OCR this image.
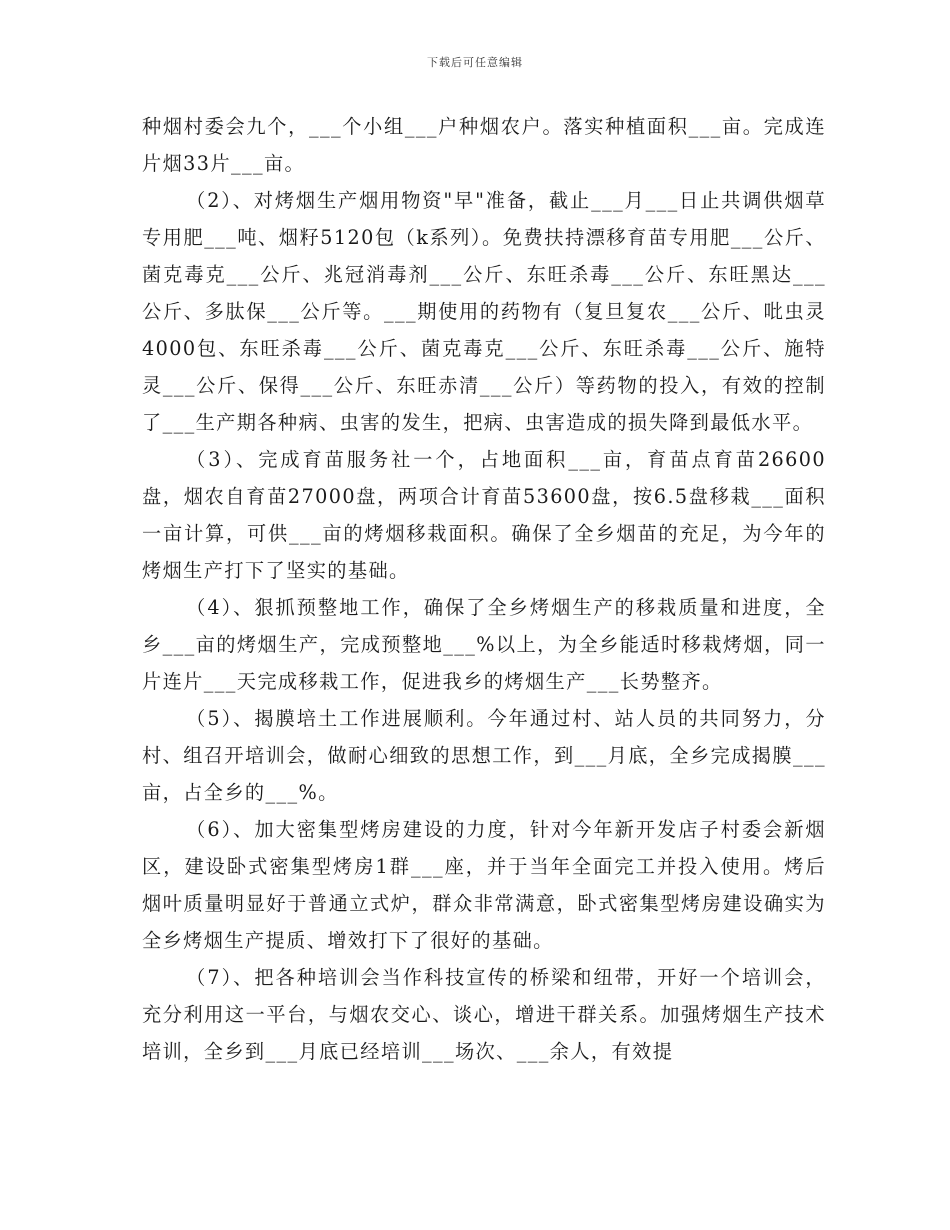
下载后可任意编辑

种烟村委会九个，___个小组___户种烟农户。落实种植面积___亩。完成连片烟33片___亩。

（2）、对烤烟生产烟用物资"早"准备，截止___月___日止共调供烟草专用肥___吨、烟籽5120包（k系列）。免费扶持漂移育苗专用肥___公斤、菌克毒克___公斤、兆冠消毒剂___公斤、东旺杀毒___公斤、东旺黑达___公斤、多肽保___公斤等。___期使用的药物有（复旦复农___公斤、吡虫灵4000包、东旺杀毒___公斤、菌克毒克___公斤、东旺杀毒___公斤、施特灵___公斤、保得___公斤、东旺赤清___公斤）等药物的投入，有效的控制了___生产期各种病、虫害的发生，把病、虫害造成的损失降到最低水平。

（3）、完成育苗服务社一个，占地面积___亩，育苗点育苗26600盘，烟农自育苗27000盘，两项合计育苗53600盘，按6.5盘移栽___面积一亩计算，可供___亩的烤烟移栽面积。确保了全乡烟苗的充足，为今年的烤烟生产打下了坚实的基础。

（4）、狠抓预整地工作，确保了全乡烤烟生产的移栽质量和进度，全乡___亩的烤烟生产，完成预整地___%以上，为全乡能适时移栽烤烟，同一片连片___天完成移栽工作，促进我乡的烤烟生产___长势整齐。

（5）、揭膜培土工作进展顺利。今年通过村、站人员的共同努力，分村、组召开培训会，做耐心细致的思想工作，到___月底，全乡完成揭膜___亩，占全乡的___%。

（6）、加大密集型烤房建设的力度，针对今年新开发店子村委会新烟区，建设卧式密集型烤房1群___座，并于当年全面完工并投入使用。烤后烟叶质量明显好于普通立式炉，群众非常满意，卧式密集型烤房建设确实为全乡烤烟生产提质、增效打下了很好的基础。

（7）、把各种培训会当作科技宣传的桥梁和纽带，开好一个培训会，充分利用这一平台，与烟农交心、谈心，增进干群关系。加强烤烟生产技术培训，全乡到___月底已经培训___场次、___余人，有效提
